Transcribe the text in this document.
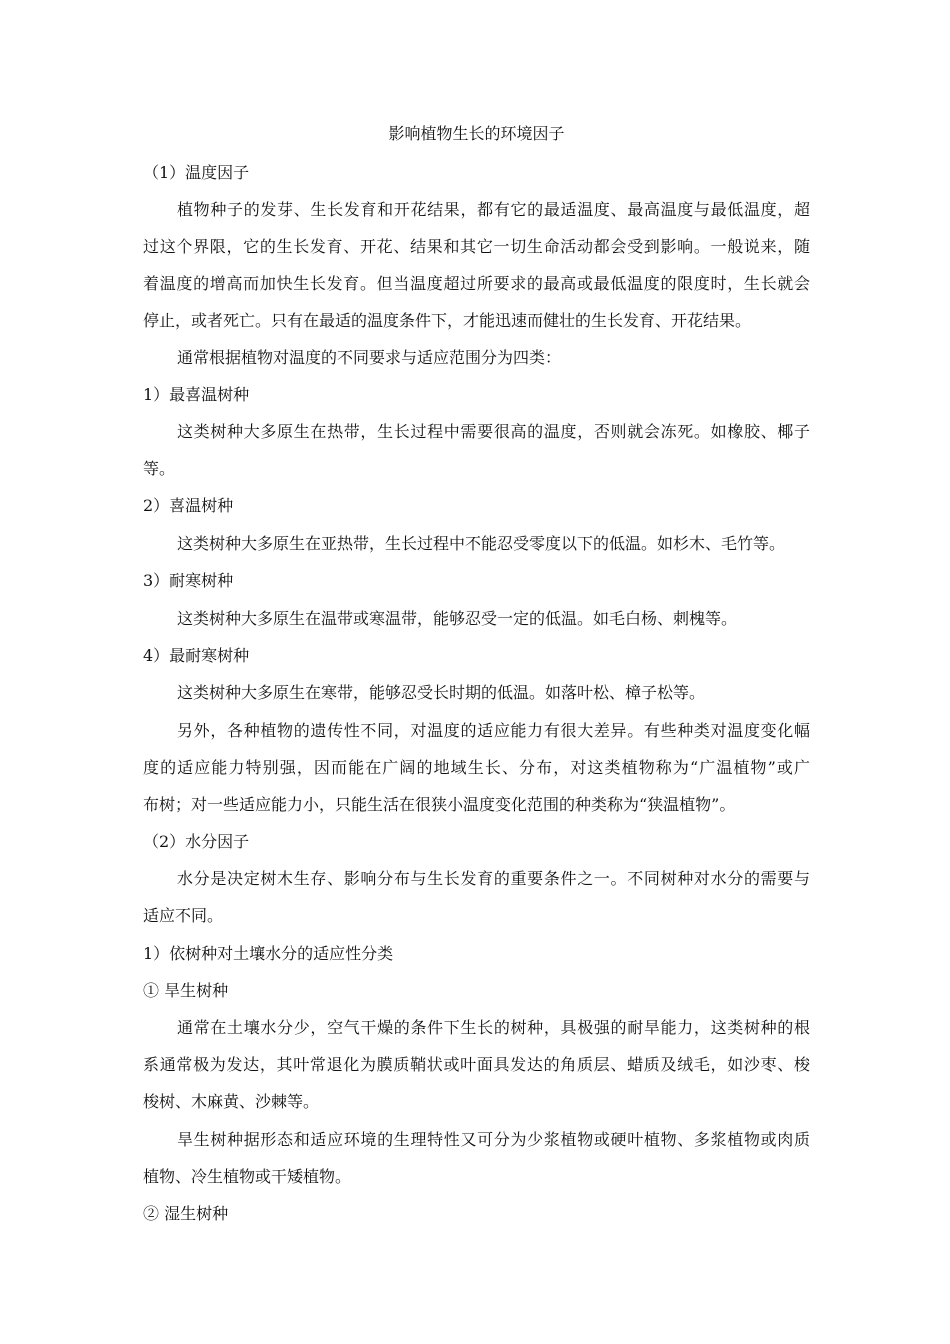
影响植物生长的环境因子
（1）温度因子
植物种子的发芽、生长发育和开花结果，都有它的最适温度、最高温度与最低温度，超
过这个界限，它的生长发育、开花、结果和其它一切生命活动都会受到影响。一般说来，随
着温度的增高而加快生长发育。但当温度超过所要求的最高或最低温度的限度时，生长就会
停止，或者死亡。只有在最适的温度条件下，才能迅速而健壮的生长发育、开花结果。
通常根据植物对温度的不同要求与适应范围分为四类：
1）最喜温树种
这类树种大多原生在热带，生长过程中需要很高的温度，否则就会冻死。如橡胶、椰子
等。
2）喜温树种
这类树种大多原生在亚热带，生长过程中不能忍受零度以下的低温。如杉木、毛竹等。
3）耐寒树种
这类树种大多原生在温带或寒温带，能够忍受一定的低温。如毛白杨、刺槐等。
4）最耐寒树种
这类树种大多原生在寒带，能够忍受长时期的低温。如落叶松、樟子松等。
另外，各种植物的遗传性不同，对温度的适应能力有很大差异。有些种类对温度变化幅
度的适应能力特别强，因而能在广阔的地域生长、分布，对这类植物称为“广温植物”或广
布树；对一些适应能力小，只能生活在很狭小温度变化范围的种类称为“狭温植物”。
（2）水分因子
水分是决定树木生存、影响分布与生长发育的重要条件之一。不同树种对水分的需要与
适应不同。
1）依树种对土壤水分的适应性分类
① 旱生树种
通常在土壤水分少，空气干燥的条件下生长的树种，具极强的耐旱能力，这类树种的根
系通常极为发达，其叶常退化为膜质鞘状或叶面具发达的角质层、蜡质及绒毛，如沙枣、梭
梭树、木麻黄、沙棘等。
旱生树种据形态和适应环境的生理特性又可分为少浆植物或硬叶植物、多浆植物或肉质
植物、冷生植物或干矮植物。
② 湿生树种
